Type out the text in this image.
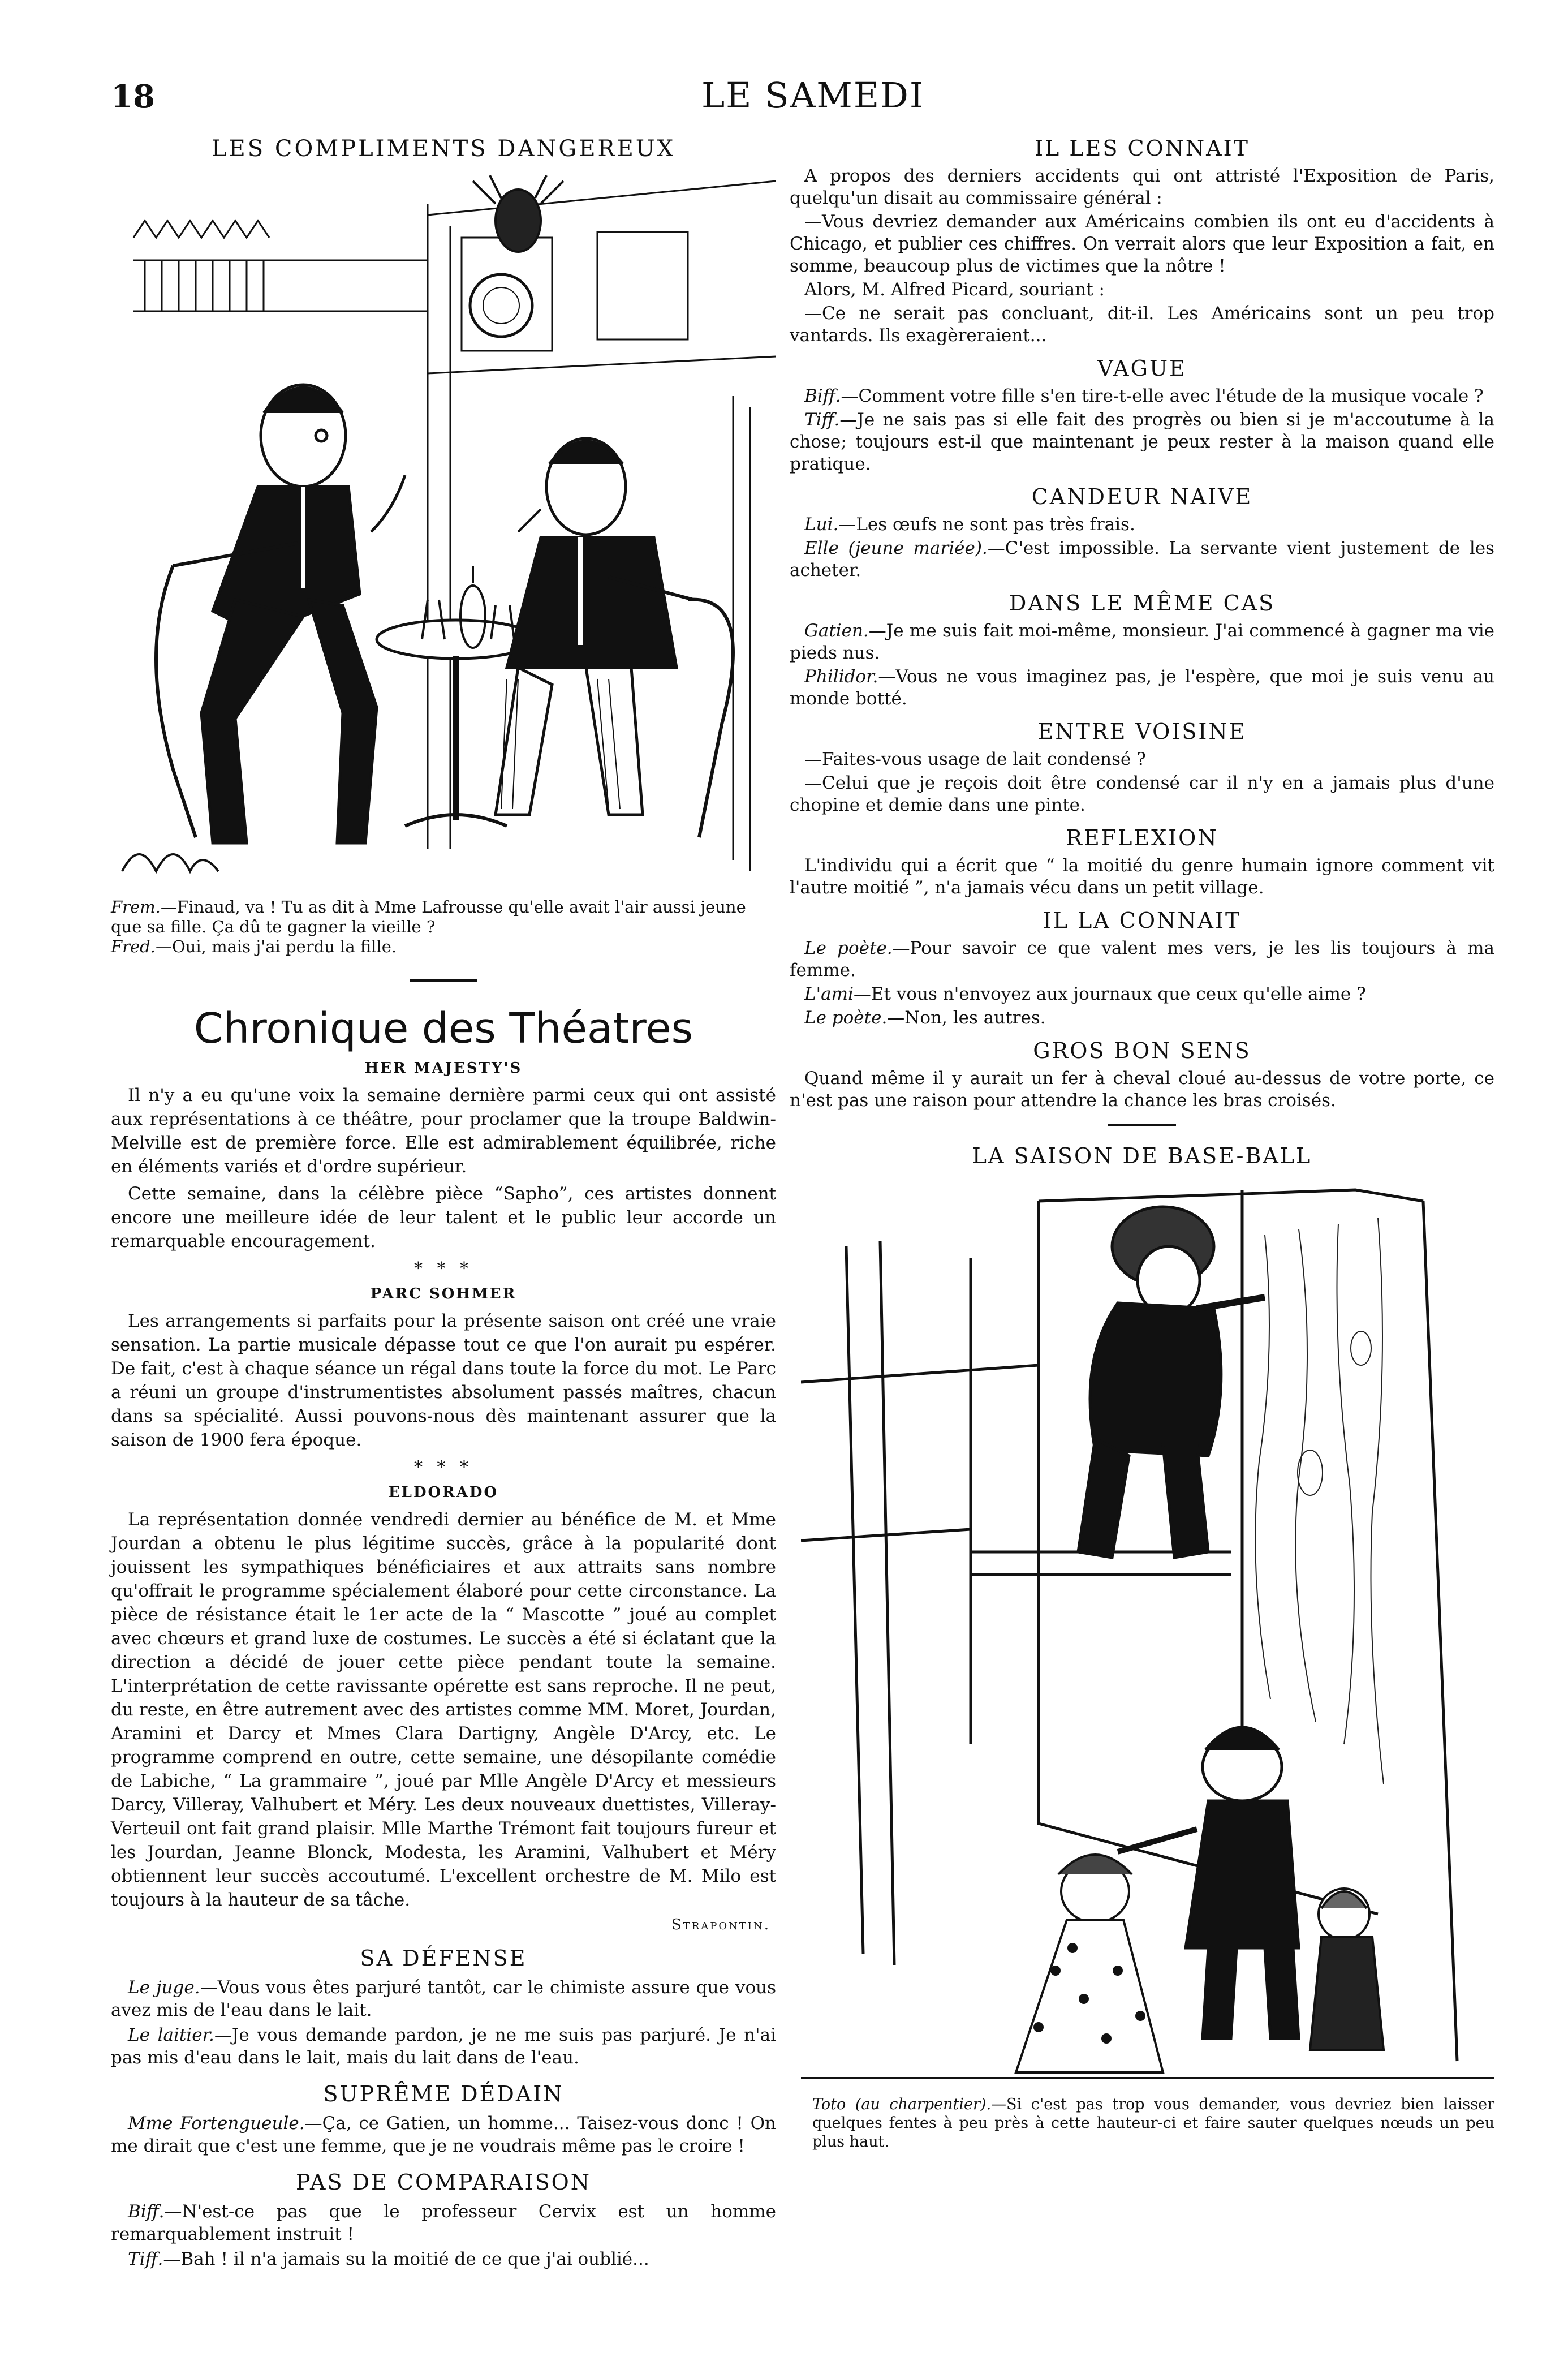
18	LE SAMEDI
LES COMPLIMENTS DANGEREUX

Frem.—Finaud, va ! Tu as dit à Mme Lafrousse qu'elle avait l'air aussi jeune que sa fille. Ça dû te gagner la vieille ?

Fred.—Oui, mais j'ai perdu la fille.

Chronique des Théatres
HER MAJESTY'S

Il n'y a eu qu'une voix la semaine dernière parmi ceux qui ont assisté aux représentations à ce théâtre, pour proclamer que la troupe Baldwin-Melville est de première force. Elle est admirablement équilibrée, riche en éléments variés et d'ordre supérieur.

Cette semaine, dans la célèbre pièce “Sapho”, ces artistes donnent encore une meilleure idée de leur talent et le public leur accorde un remarquable encouragement.

* * *
PARC SOHMER

Les arrangements si parfaits pour la présente saison ont créé une vraie sensation. La partie musicale dépasse tout ce que l'on aurait pu espérer. De fait, c'est à chaque séance un régal dans toute la force du mot. Le Parc a réuni un groupe d'instrumentistes absolument passés maîtres, chacun dans sa spécialité. Aussi pouvons-nous dès maintenant assurer que la saison de 1900 fera époque.

* * *
ELDORADO

La représentation donnée vendredi dernier au bénéfice de M. et Mme Jourdan a obtenu le plus légitime succès, grâce à la popularité dont jouissent les sympathiques bénéficiaires et aux attraits sans nombre qu'offrait le programme spécialement élaboré pour cette circonstance. La pièce de résistance était le 1er acte de la “ Mascotte ” joué au complet avec chœurs et grand luxe de costumes. Le succès a été si éclatant que la direction a décidé de jouer cette pièce pendant toute la semaine. L'interprétation de cette ravissante opérette est sans reproche. Il ne peut, du reste, en être autrement avec des artistes comme MM. Moret, Jourdan, Aramini et Darcy et Mmes Clara Dartigny, Angèle D'Arcy, etc. Le programme comprend en outre, cette semaine, une désopilante comédie de Labiche, “ La grammaire ”, joué par Mlle Angèle D'Arcy et messieurs Darcy, Villeray, Valhubert et Méry. Les deux nouveaux duettistes, Villeray-Verteuil ont fait grand plaisir. Mlle Marthe Trémont fait toujours fureur et les Jourdan, Jeanne Blonck, Modesta, les Aramini, Valhubert et Méry obtiennent leur succès accoutumé. L'excellent orchestre de M. Milo est toujours à la hauteur de sa tâche.

Strapontin.
SA DÉFENSE

Le juge.—Vous vous êtes parjuré tantôt, car le chimiste assure que vous avez mis de l'eau dans le lait.

Le laitier.—Je vous demande pardon, je ne me suis pas parjuré. Je n'ai pas mis d'eau dans le lait, mais du lait dans de l'eau.

SUPRÊME DÉDAIN

Mme Fortengueule.—Ça, ce Gatien, un homme... Taisez-vous donc ! On me dirait que c'est une femme, que je ne voudrais même pas le croire !

PAS DE COMPARAISON

Biff.—N'est-ce pas que le professeur Cervix est un homme remarquablement instruit !

Tiff.—Bah ! il n'a jamais su la moitié de ce que j'ai oublié...

IL LES CONNAIT

A propos des derniers accidents qui ont attristé l'Exposition de Paris, quelqu'un disait au commissaire général :

—Vous devriez demander aux Américains combien ils ont eu d'accidents à Chicago, et publier ces chiffres. On verrait alors que leur Exposition a fait, en somme, beaucoup plus de victimes que la nôtre !

Alors, M. Alfred Picard, souriant :

—Ce ne serait pas concluant, dit-il. Les Américains sont un peu trop vantards. Ils exagèreraient...

VAGUE

Biff.—Comment votre fille s'en tire-t-elle avec l'étude de la musique vocale ?

Tiff.—Je ne sais pas si elle fait des progrès ou bien si je m'accoutume à la chose; toujours est-il que maintenant je peux rester à la maison quand elle pratique.

CANDEUR NAIVE

Lui.—Les œufs ne sont pas très frais.

Elle (jeune mariée).—C'est impossible. La servante vient justement de les acheter.

DANS LE MÊME CAS

Gatien.—Je me suis fait moi-même, monsieur. J'ai commencé à gagner ma vie pieds nus.

Philidor.—Vous ne vous imaginez pas, je l'espère, que moi je suis venu au monde botté.

ENTRE VOISINE

—Faites-vous usage de lait condensé ?

—Celui que je reçois doit être condensé car il n'y en a jamais plus d'une chopine et demie dans une pinte.

REFLEXION

L'individu qui a écrit que “ la moitié du genre humain ignore comment vit l'autre moitié ”, n'a jamais vécu dans un petit village.

IL LA CONNAIT

Le poète.—Pour savoir ce que valent mes vers, je les lis toujours à ma femme.

L'ami—Et vous n'envoyez aux journaux que ceux qu'elle aime ?

Le poète.—Non, les autres.

GROS BON SENS

Quand même il y aurait un fer à cheval cloué au-dessus de votre porte, ce n'est pas une raison pour attendre la chance les bras croisés.

LA SAISON DE BASE-BALL
Toto (au charpentier).—Si c'est pas trop vous demander, vous devriez bien laisser quelques fentes à peu près à cette hauteur-ci et faire sauter quelques nœuds un peu plus haut.
